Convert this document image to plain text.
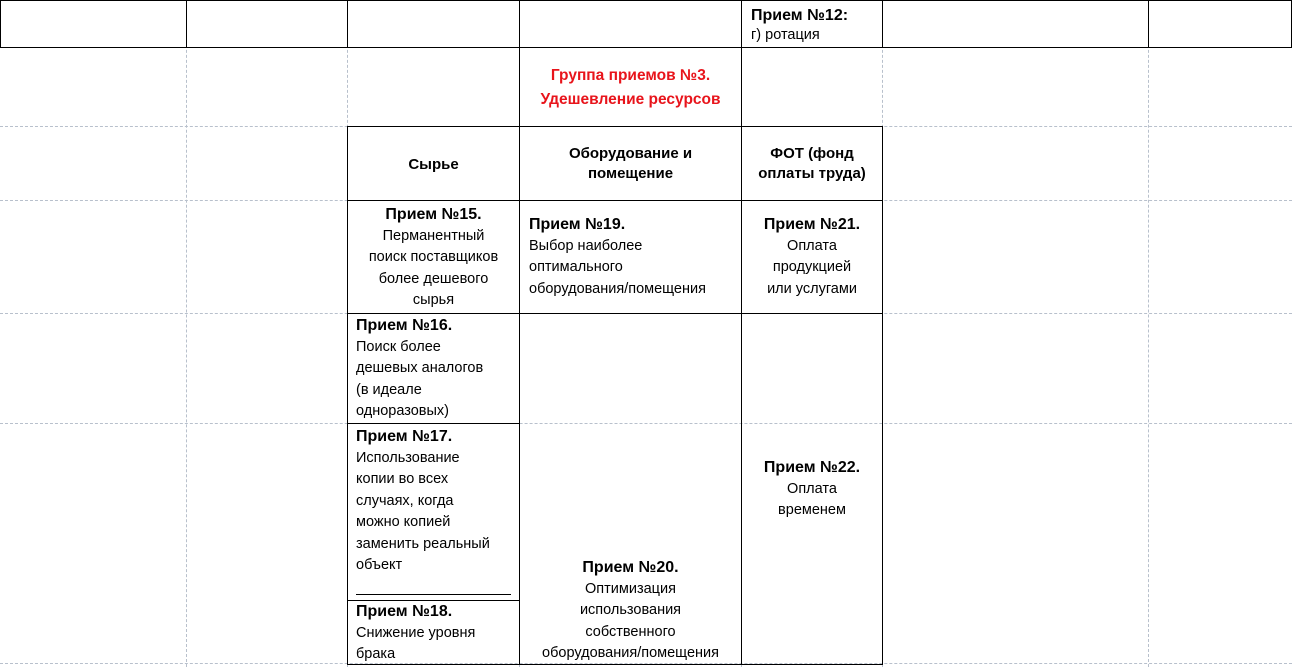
Прием №12:
г) ротация
Группа приемов №3.
Удешевление ресурсов
Сырье
Оборудование и
помещение
ФОТ (фонд
оплаты труда)
Прием №15.
Перманентный
поиск поставщиков
более дешевого
сырья
Прием №19.
Выбор наиболее
оптимального
оборудования/помещения
Прием №21.
Оплата
продукцией
или услугами
Прием №16.
Поиск более
дешевых аналогов
(в идеале
одноразовых)
Прием №17.
Использование
копии во всех
случаях, когда
можно копией
заменить реальный
объект
Прием №18.
Снижение уровня
брака
Прием №22.
Оплата
временем
Прием №20.
Оптимизация
использования
собственного
оборудования/помещения
